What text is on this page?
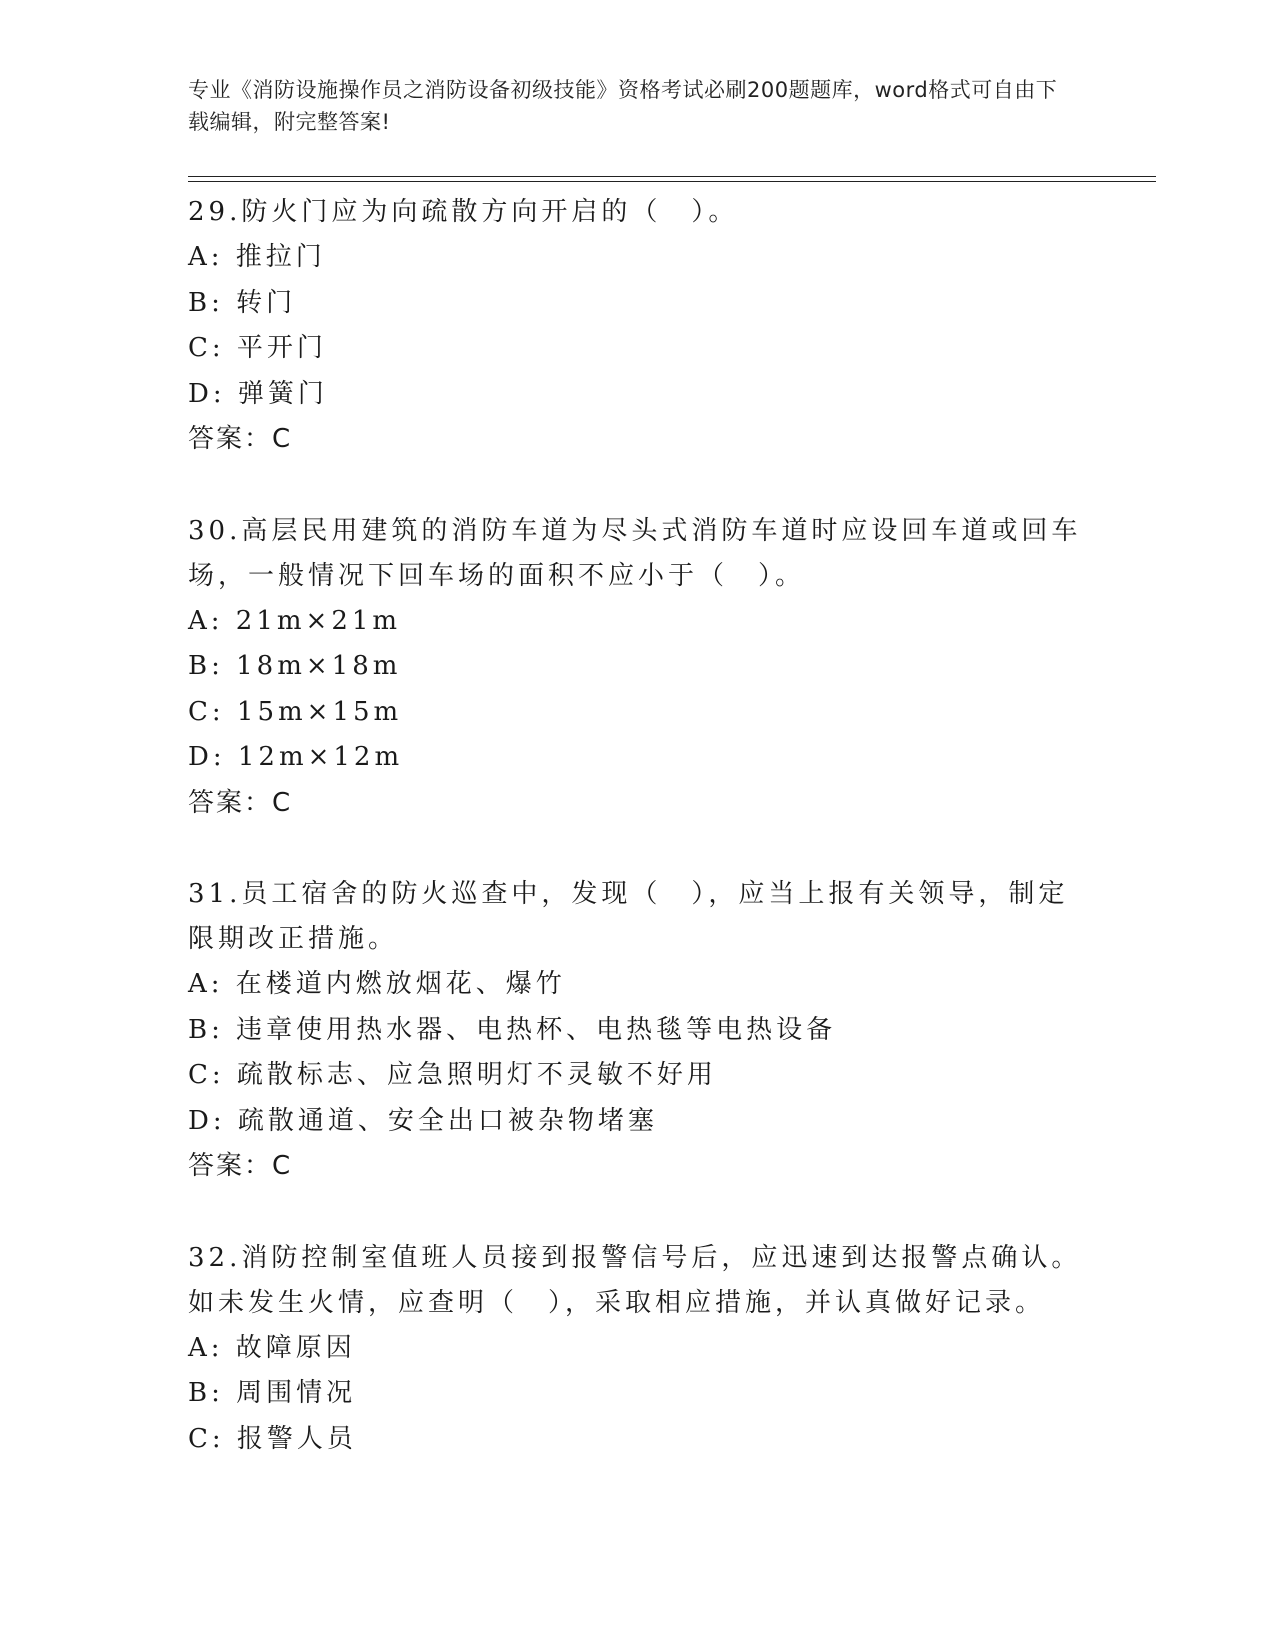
专业《消防设施操作员之消防设备初级技能》资格考试必刷200题题库，word格式可自由下载编辑，附完整答案!

29.防火门应为向疏散方向开启的（　）。

A: 推拉门

B: 转门

C: 平开门

D: 弹簧门

答案：C

30.高层民用建筑的消防车道为尽头式消防车道时应设回车道或回车场，一般情况下回车场的面积不应小于（　）。

A: 21m×21m

B: 18m×18m

C: 15m×15m

D: 12m×12m

答案：C

31.员工宿舍的防火巡查中，发现（　），应当上报有关领导，制定限期改正措施。

A: 在楼道内燃放烟花、爆竹

B: 违章使用热水器、电热杯、电热毯等电热设备

C: 疏散标志、应急照明灯不灵敏不好用

D: 疏散通道、安全出口被杂物堵塞

答案：C

32.消防控制室值班人员接到报警信号后，应迅速到达报警点确认。如未发生火情，应查明（　），采取相应措施，并认真做好记录。

A: 故障原因

B: 周围情况

C: 报警人员
